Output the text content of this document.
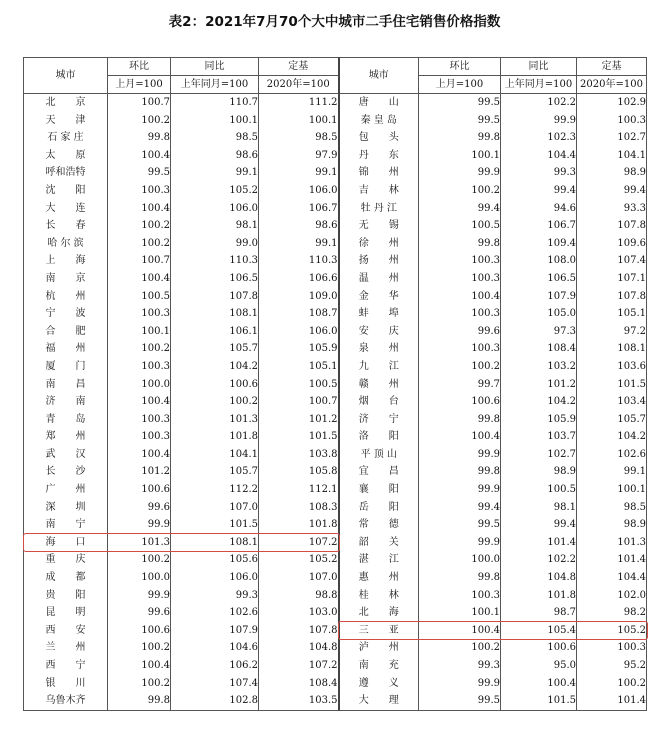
表2：2021年7月70个大中城市二手住宅销售价格指数
城市	环比	同比	定基	城市	环比	同比	定基
	上月=100	上年同月=100	2020年=100		上月=100	上年同月=100	2020年=100
北　　京	100.7	110.7	111.2	唐　　山	99.5	102.2	102.9
天　　津	100.2	100.1	100.1	秦 皇 岛	99.5	99.9	100.3
石 家 庄	99.8	98.5	98.5	包　　头	99.8	102.3	102.7
太　　原	100.4	98.6	97.9	丹　　东	100.1	104.4	104.1
呼和浩特	99.5	99.1	99.1	锦　　州	99.9	99.3	98.9
沈　　阳	100.3	105.2	106.0	吉　　林	100.2	99.4	99.4
大　　连	100.4	106.0	106.7	牡 丹 江	99.4	94.6	93.3
长　　春	100.2	98.1	98.6	无　　锡	100.5	106.7	107.8
哈 尔 滨	100.2	99.0	99.1	徐　　州	99.8	109.4	109.6
上　　海	100.7	110.3	110.3	扬　　州	100.3	108.0	107.4
南　　京	100.4	106.5	106.6	温　　州	100.3	106.5	107.1
杭　　州	100.5	107.8	109.0	金　　华	100.4	107.9	107.8
宁　　波	100.3	108.1	108.7	蚌　　埠	100.3	105.0	105.1
合　　肥	100.1	106.1	106.0	安　　庆	99.6	97.3	97.2
福　　州	100.2	105.7	105.9	泉　　州	100.3	108.4	108.1
厦　　门	100.3	104.2	105.1	九　　江	100.2	103.2	103.6
南　　昌	100.0	100.6	100.5	赣　　州	99.7	101.2	101.5
济　　南	100.4	100.2	100.7	烟　　台	100.6	104.2	103.4
青　　岛	100.3	101.3	101.2	济　　宁	99.8	105.9	105.7
郑　　州	100.3	101.8	101.5	洛　　阳	100.4	103.7	104.2
武　　汉	100.4	104.1	103.8	平 顶 山	99.9	102.7	102.6
长　　沙	101.2	105.7	105.8	宜　　昌	99.8	98.9	99.1
广　　州	100.6	112.2	112.1	襄　　阳	99.9	100.5	100.1
深　　圳	99.6	107.0	108.3	岳　　阳	99.4	98.1	98.5
南　　宁	99.9	101.5	101.8	常　　德	99.5	99.4	98.9
海　　口	101.3	108.1	107.2	韶　　关	99.9	101.4	101.3
重　　庆	100.2	105.6	105.2	湛　　江	100.0	102.2	101.4
成　　都	100.0	106.0	107.0	惠　　州	99.8	104.8	104.4
贵　　阳	99.9	99.3	98.8	桂　　林	100.3	101.8	102.0
昆　　明	99.6	102.6	103.0	北　　海	100.1	98.7	98.2
西　　安	100.6	107.9	107.8	三　　亚	100.4	105.4	105.2
兰　　州	100.2	104.6	104.8	泸　　州	100.2	100.6	100.3
西　　宁	100.4	106.2	107.2	南　　充	99.3	95.0	95.2
银　　川	100.2	107.4	108.4	遵　　义	99.9	100.4	100.2
乌鲁木齐	99.8	102.8	103.5	大　　理	99.5	101.5	101.4
